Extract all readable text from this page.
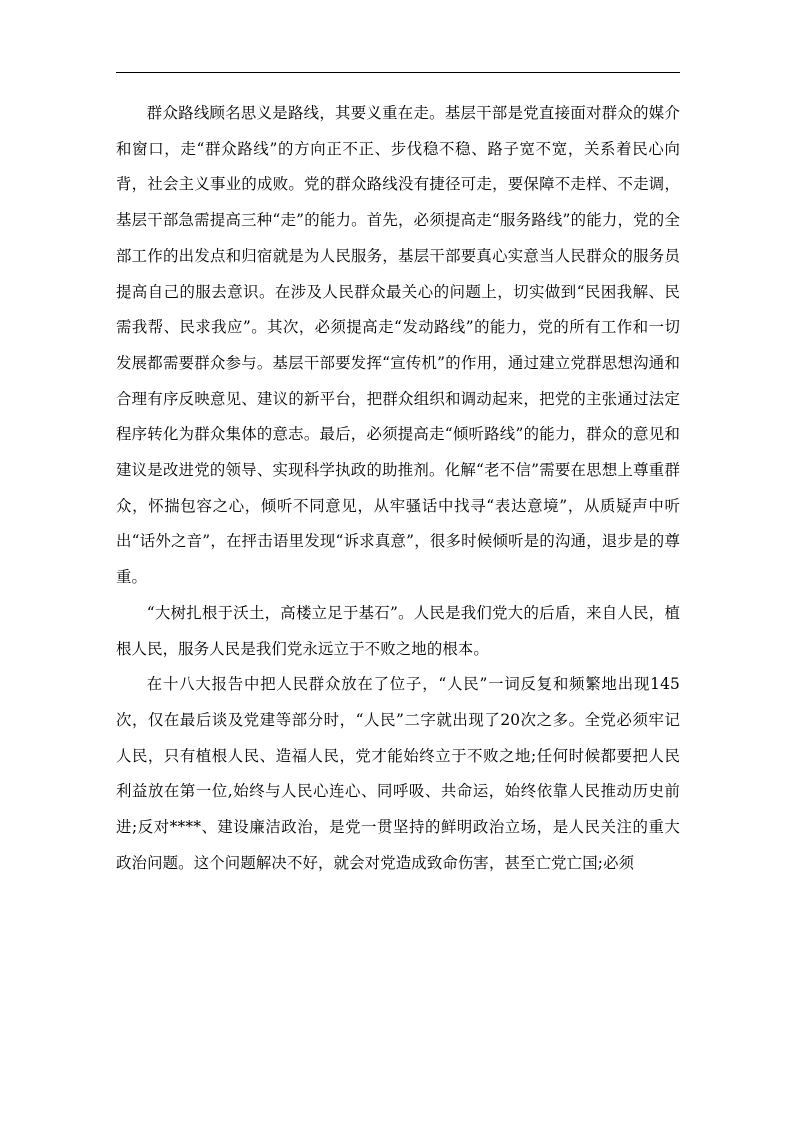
群众路线顾名思义是路线，其要义重在走。基层干部是党直接面对群众的媒介和窗口，走“群众路线”的方向正不正、步伐稳不稳、路子宽不宽，关系着民心向背，社会主义事业的成败。党的群众路线没有捷径可走，要保障不走样、不走调，基层干部急需提高三种“走”的能力。首先，必须提高走“服务路线”的能力，党的全部工作的出发点和归宿就是为人民服务，基层干部要真心实意当人民群众的服务员提高自己的服去意识。在涉及人民群众最关心的问题上，切实做到“民困我解、民需我帮、民求我应”。其次，必须提高走“发动路线”的能力，党的所有工作和一切发展都需要群众参与。基层干部要发挥“宣传机”的作用，通过建立党群思想沟通和合理有序反映意见、建议的新平台，把群众组织和调动起来，把党的主张通过法定程序转化为群众集体的意志。最后，必须提高走“倾听路线”的能力，群众的意见和建议是改进党的领导、实现科学执政的助推剂。化解“老不信”需要在思想上尊重群众，怀揣包容之心，倾听不同意见，从牢骚话中找寻“表达意境”，从质疑声中听出“话外之音”，在抨击语里发现“诉求真意”，很多时候倾听是的沟通，退步是的尊重。

“大树扎根于沃土，高楼立足于基石”。人民是我们党大的后盾，来自人民，植根人民，服务人民是我们党永远立于不败之地的根本。

在十八大报告中把人民群众放在了位子，“人民”一词反复和频繁地出现145次，仅在最后谈及党建等部分时，“人民”二字就出现了20次之多。全党必须牢记人民，只有植根人民、造福人民，党才能始终立于不败之地;任何时候都要把人民利益放在第一位,始终与人民心连心、同呼吸、共命运，始终依靠人民推动历史前进;反对****、建设廉洁政治，是党一贯坚持的鲜明政治立场，是人民关注的重大政治问题。这个问题解决不好，就会对党造成致命伤害，甚至亡党亡国;必须
